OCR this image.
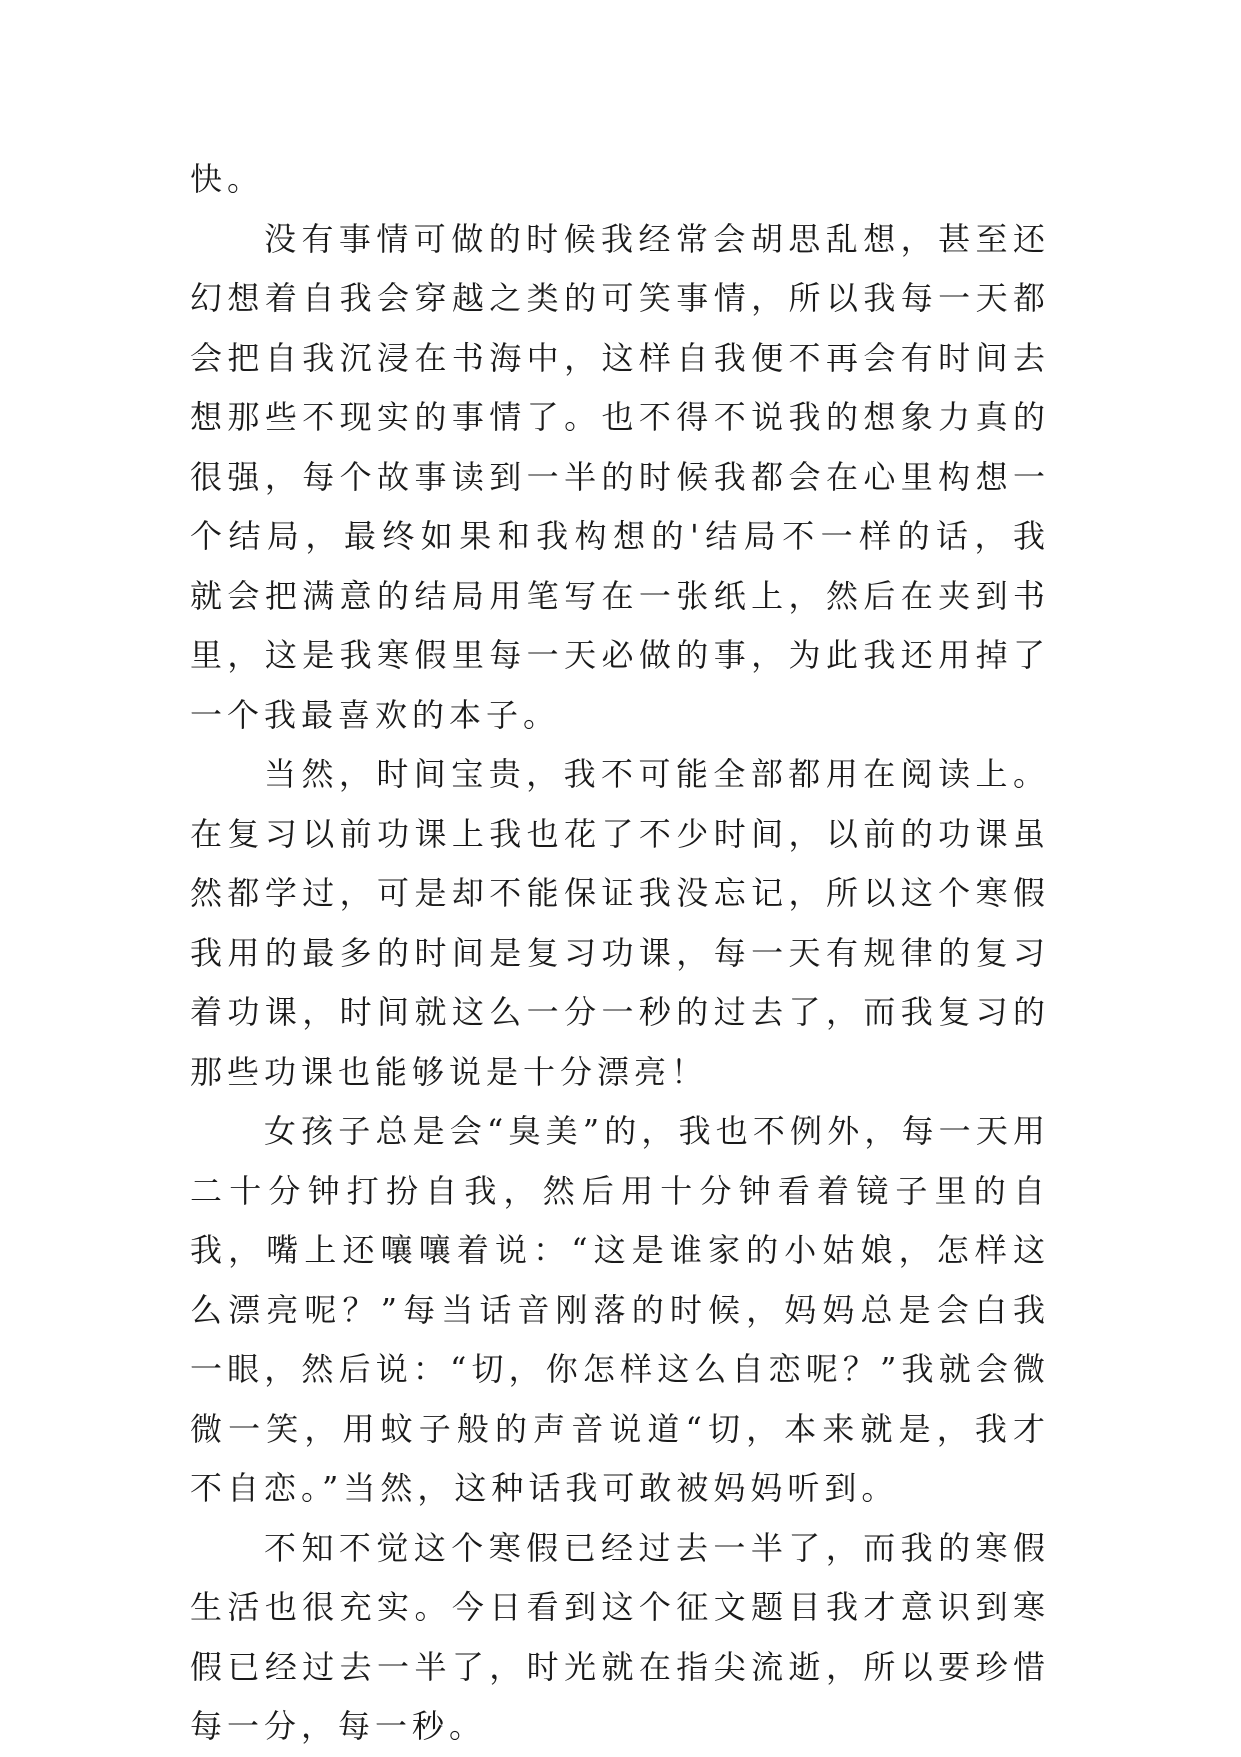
快。

没有事情可做的时候我经常会胡思乱想，甚至还幻想着自我会穿越之类的可笑事情，所以我每一天都会把自我沉浸在书海中，这样自我便不再会有时间去想那些不现实的事情了。也不得不说我的想象力真的很强，每个故事读到一半的时候我都会在心里构想一个结局，最终如果和我构想的'结局不一样的话，我就会把满意的结局用笔写在一张纸上，然后在夹到书里，这是我寒假里每一天必做的事，为此我还用掉了一个我最喜欢的本子。

当然，时间宝贵，我不可能全部都用在阅读上。在复习以前功课上我也花了不少时间，以前的功课虽然都学过，可是却不能保证我没忘记，所以这个寒假我用的最多的时间是复习功课，每一天有规律的复习着功课，时间就这么一分一秒的过去了，而我复习的那些功课也能够说是十分漂亮！

女孩子总是会“臭美”的，我也不例外，每一天用二十分钟打扮自我，然后用十分钟看着镜子里的自我，嘴上还嚷嚷着说：“这是谁家的小姑娘，怎样这么漂亮呢？”每当话音刚落的时候，妈妈总是会白我一眼，然后说：“切，你怎样这么自恋呢？”我就会微微一笑，用蚊子般的声音说道“切，本来就是，我才不自恋。”当然，这种话我可敢被妈妈听到。

不知不觉这个寒假已经过去一半了，而我的寒假生活也很充实。今日看到这个征文题目我才意识到寒假已经过去一半了，时光就在指尖流逝，所以要珍惜每一分，每一秒。
